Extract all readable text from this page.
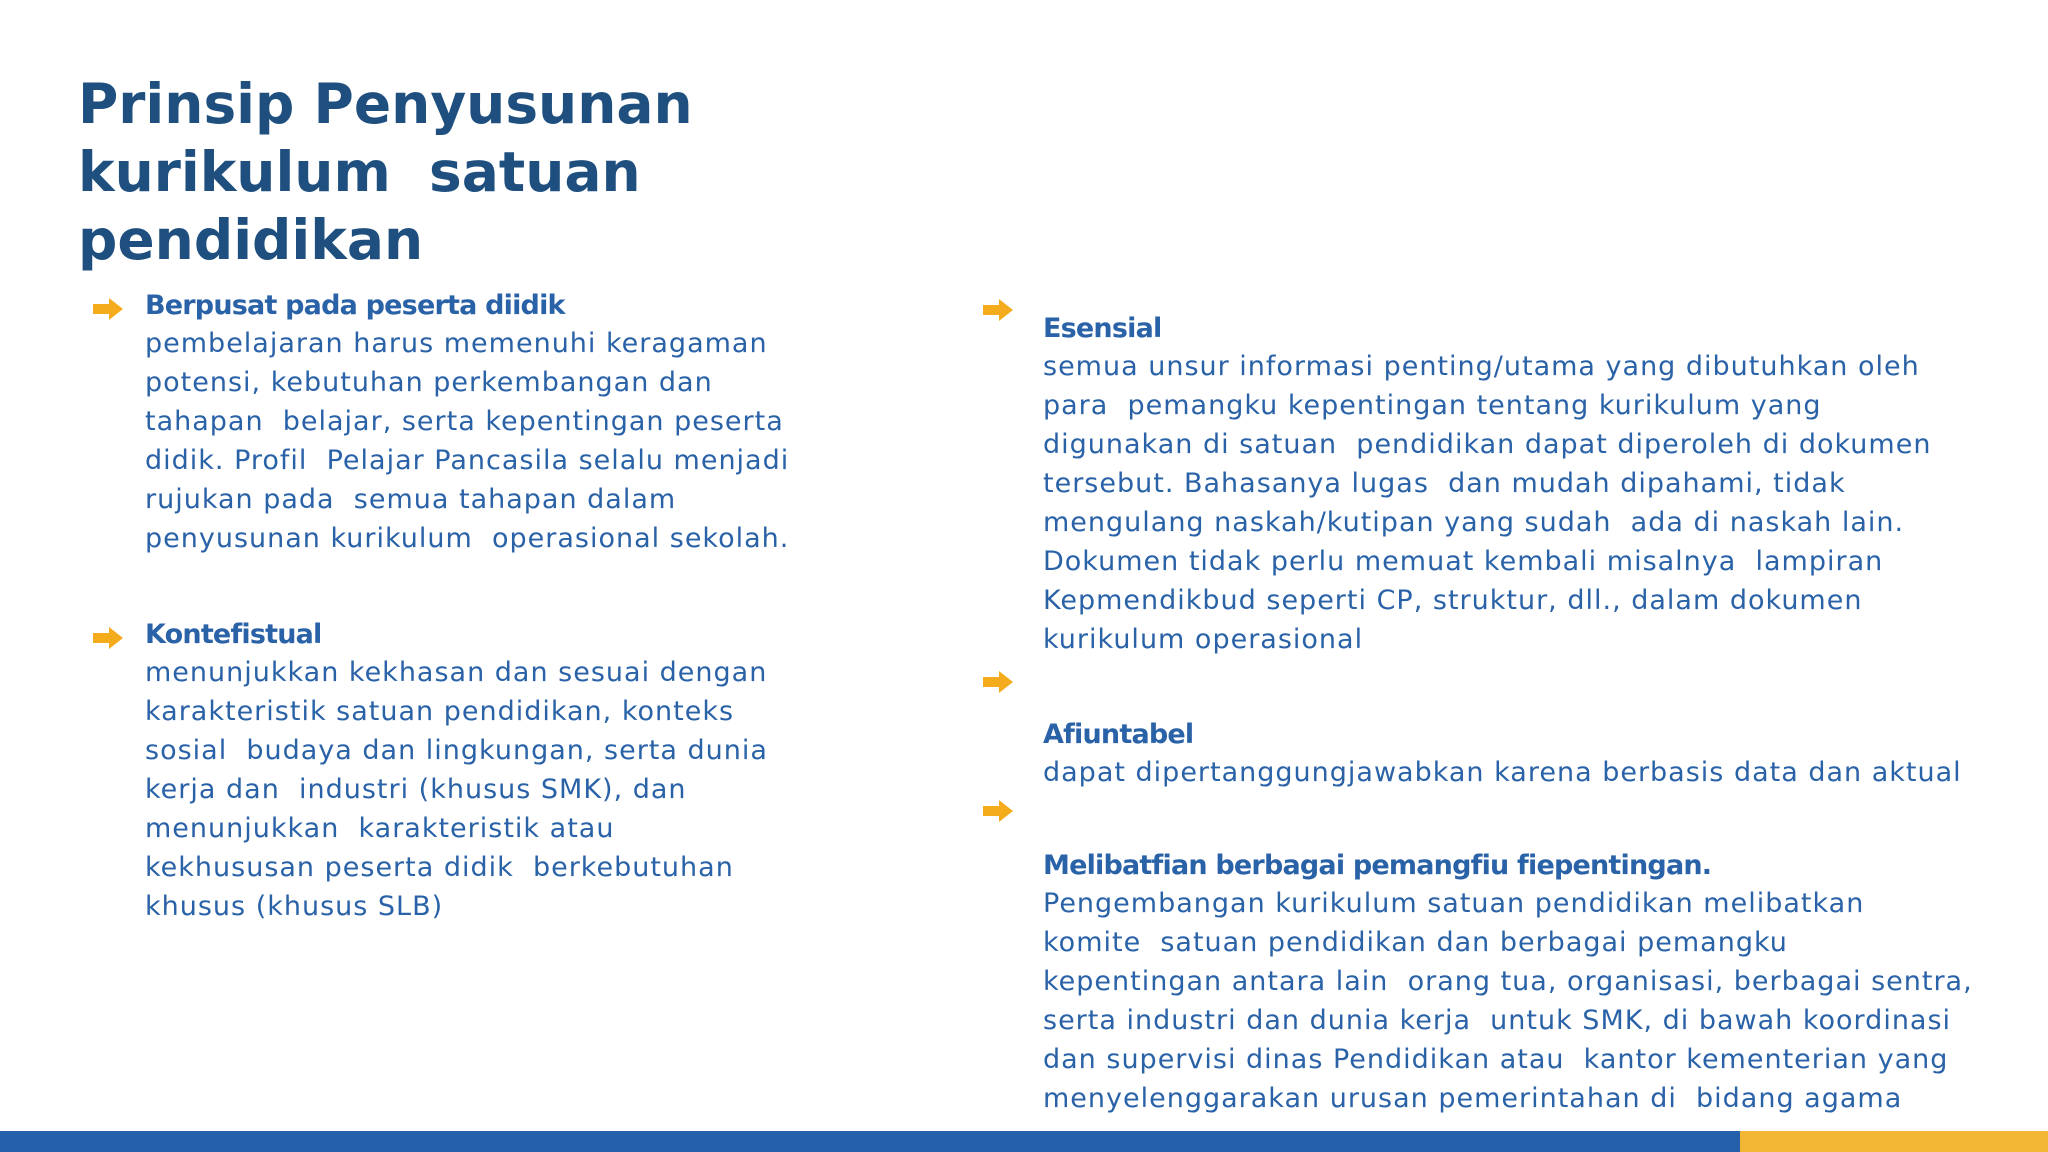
Prinsip Penyusunan
kurikulum  satuan
pendidikan
Berpusat pada peserta diidik
pembelajaran harus memenuhi keragaman
potensi, kebutuhan perkembangan dan
tahapan  belajar, serta kepentingan peserta
didik. Profil  Pelajar Pancasila selalu menjadi
rujukan pada  semua tahapan dalam
penyusunan kurikulum  operasional sekolah.
Kontefistual
menunjukkan kekhasan dan sesuai dengan
karakteristik satuan pendidikan, konteks
sosial  budaya dan lingkungan, serta dunia
kerja dan  industri (khusus SMK), dan
menunjukkan  karakteristik atau
kekhususan peserta didik  berkebutuhan
khusus (khusus SLB)
Esensial
semua unsur informasi penting/utama yang dibutuhkan oleh
para  pemangku kepentingan tentang kurikulum yang
digunakan di satuan  pendidikan dapat diperoleh di dokumen
tersebut. Bahasanya lugas  dan mudah dipahami, tidak
mengulang naskah/kutipan yang sudah  ada di naskah lain.
Dokumen tidak perlu memuat kembali misalnya  lampiran
Kepmendikbud seperti CP, struktur, dll., dalam dokumen
kurikulum operasional
Afiuntabel
dapat dipertanggungjawabkan karena berbasis data dan aktual
Melibatfian berbagai pemangfiu fiepentingan.
Pengembangan kurikulum satuan pendidikan melibatkan
komite  satuan pendidikan dan berbagai pemangku
kepentingan antara lain  orang tua, organisasi, berbagai sentra,
serta industri dan dunia kerja  untuk SMK, di bawah koordinasi
dan supervisi dinas Pendidikan atau  kantor kementerian yang
menyelenggarakan urusan pemerintahan di  bidang agama
